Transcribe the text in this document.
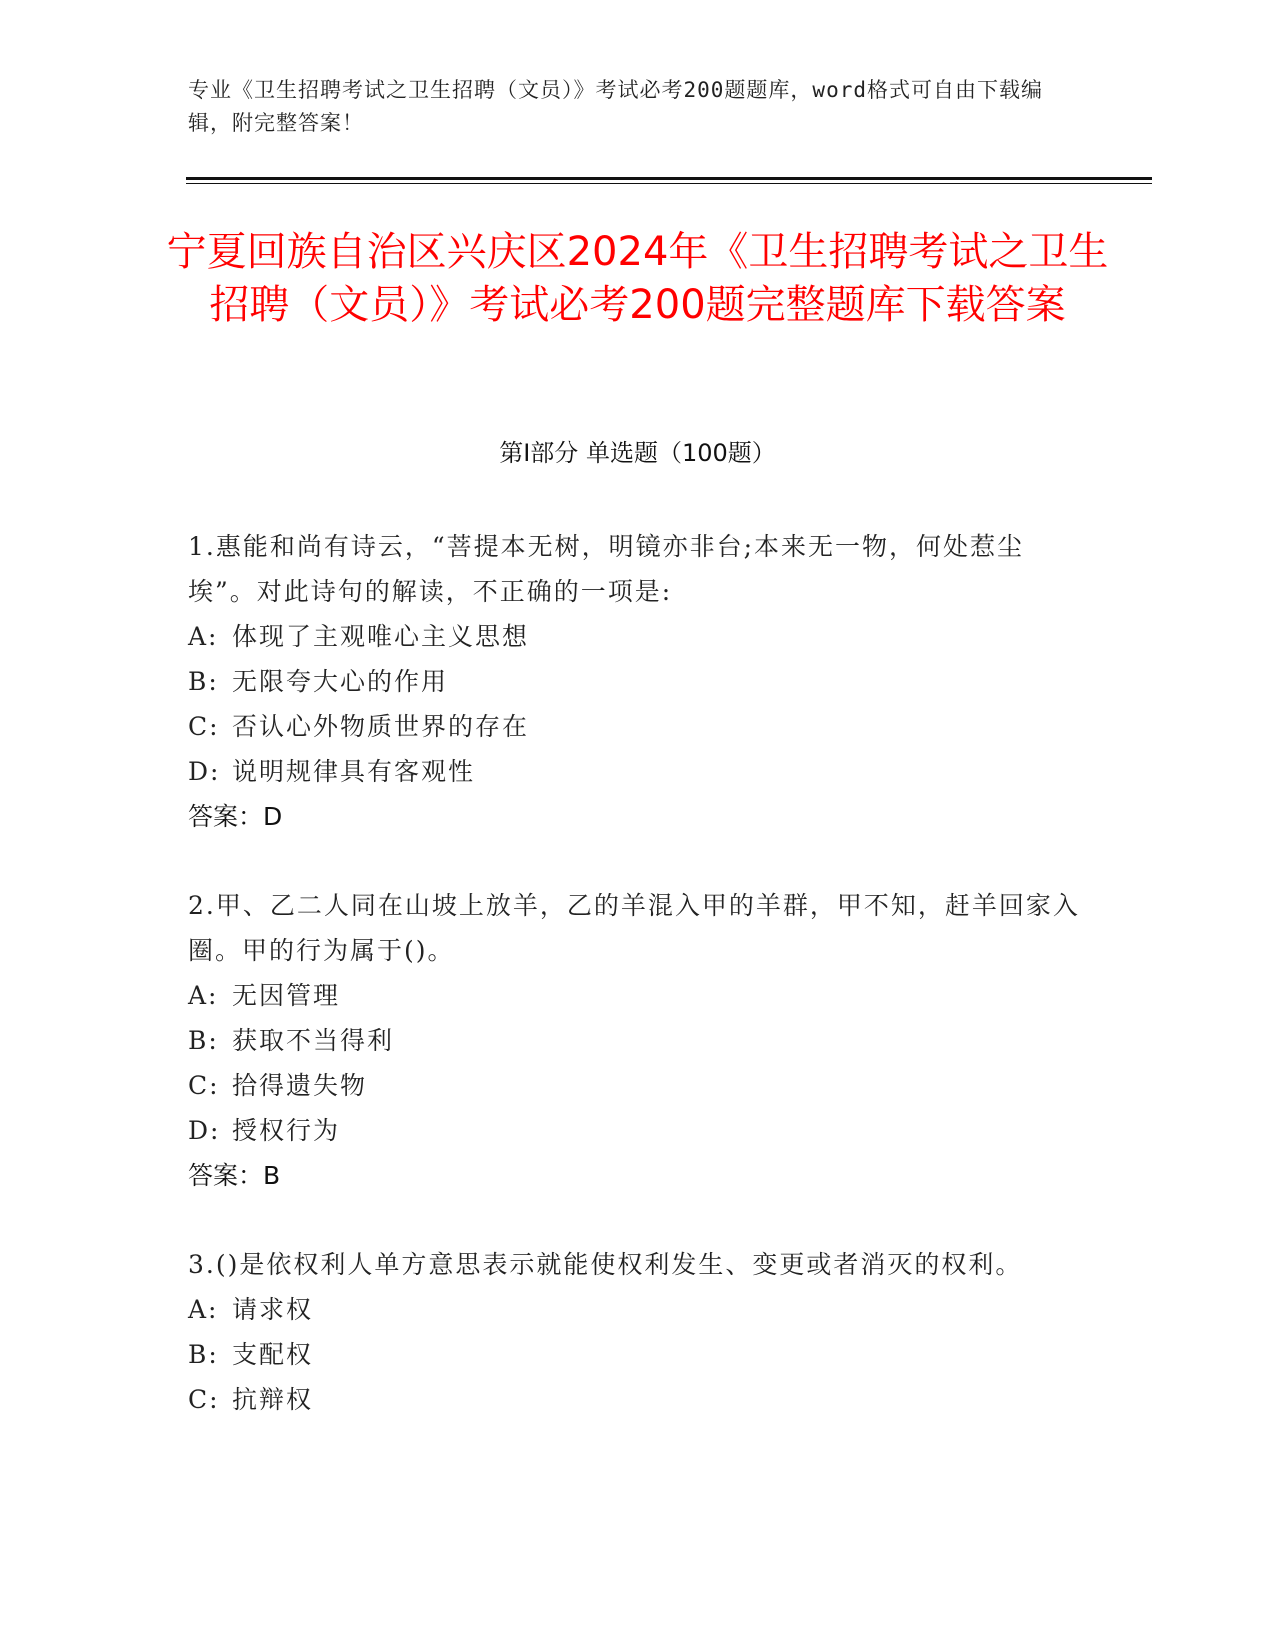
专业《卫生招聘考试之卫生招聘（文员）》考试必考200题题库，word格式可自由下载编辑，附完整答案！
宁夏回族自治区兴庆区2024年《卫生招聘考试之卫生招聘（文员）》考试必考200题完整题库下载答案
第Ⅰ部分 单选题（100题）
1.惠能和尚有诗云，“菩提本无树，明镜亦非台;本来无一物，何处惹尘埃”。对此诗句的解读，不正确的一项是:
A: 体现了主观唯心主义思想
B: 无限夸大心的作用
C: 否认心外物质世界的存在
D: 说明规律具有客观性
答案：D
2.甲、乙二人同在山坡上放羊，乙的羊混入甲的羊群，甲不知，赶羊回家入圈。甲的行为属于()。
A: 无因管理
B: 获取不当得利
C: 拾得遗失物
D: 授权行为
答案：B
3.()是依权利人单方意思表示就能使权利发生、变更或者消灭的权利。
A: 请求权
B: 支配权
C: 抗辩权
